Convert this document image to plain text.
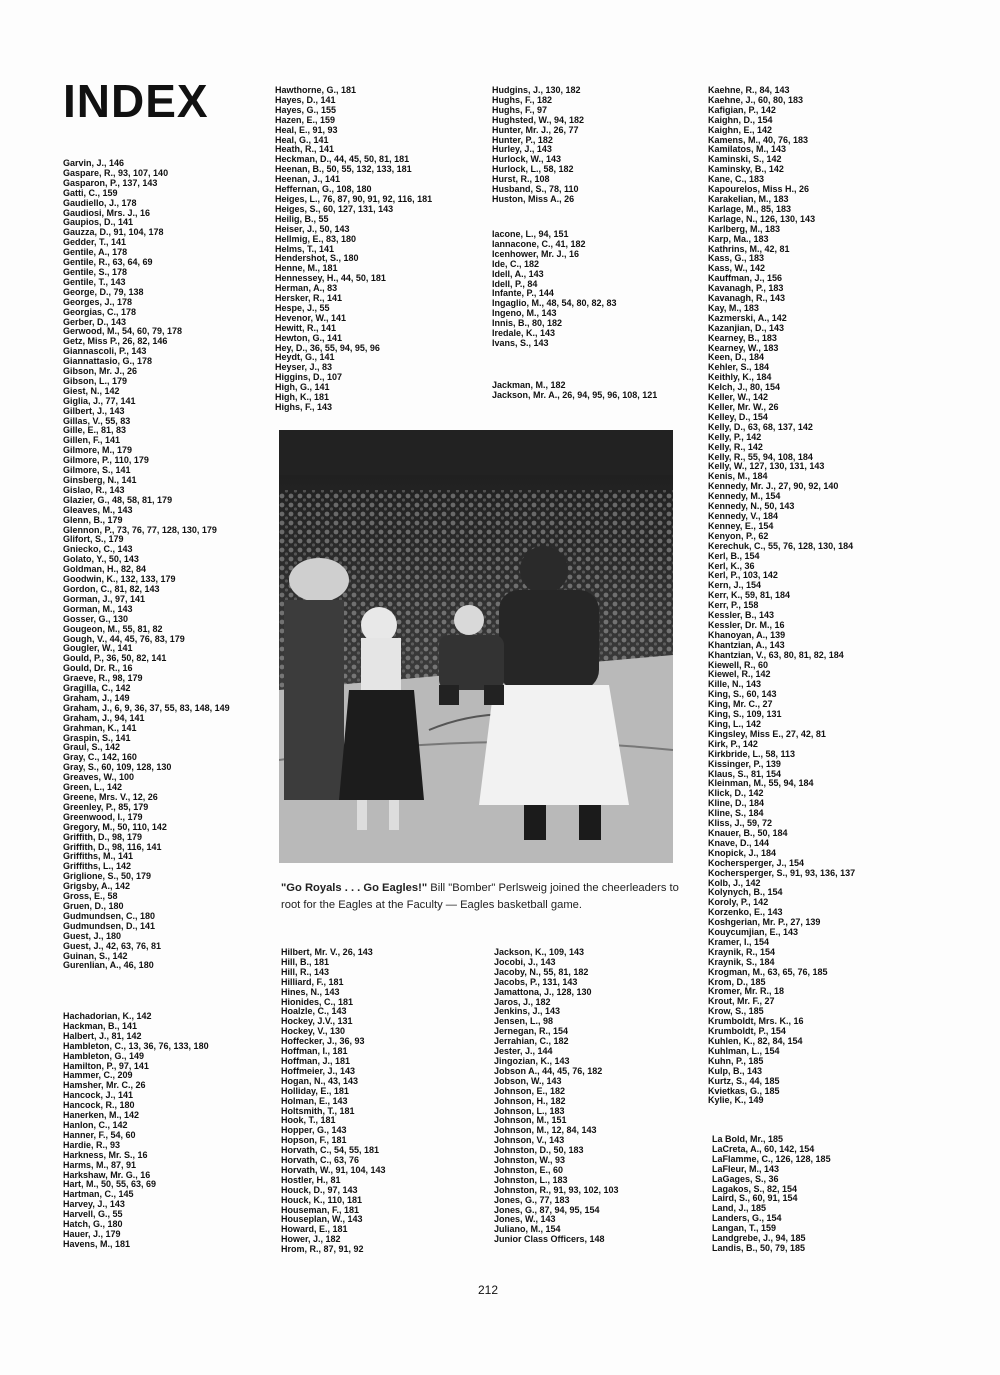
INDEX
Garvin, J., 146
Gaspare, R., 93, 107, 140
Gasparon, P., 137, 143
Gatti, C., 159
Gaudiello, J., 178
Gaudiosi, Mrs. J., 16
Gaupios, D., 141
Gauzza, D., 91, 104, 178
Gedder, T., 141
Gentile, A., 178
Gentile, R., 63, 64, 69
Gentile, S., 178
Gentile, T., 143
George, D., 79, 138
Georges, J., 178
Georgias, C., 178
Gerber, D., 143
Gerwood, M., 54, 60, 79, 178
Getz, Miss P., 26, 82, 146
Giannascoli, P., 143
Giannattasio, G., 178
Gibson, Mr. J., 26
Gibson, L., 179
Giest, N., 142
Giglia, J., 77, 141
Gilbert, J., 143
Gillas, V., 55, 83
Gille, E., 81, 83
Gillen, F., 141
Gilmore, M., 179
Gilmore, P., 110, 179
Gilmore, S., 141
Ginsberg, N., 141
Gislao, R., 143
Glazier, G., 48, 58, 81, 179
Gleaves, M., 143
Glenn, B., 179
Glennon, P., 73, 76, 77, 128, 130, 179
Glifort, S., 179
Gniecko, C., 143
Golato, Y., 50, 143
Goldman, H., 82, 84
Goodwin, K., 132, 133, 179
Gordon, C., 81, 82, 143
Gorman, J., 97, 141
Gorman, M., 143
Gosser, G., 130
Gougeon, M., 55, 81, 82
Gough, V., 44, 45, 76, 83, 179
Gougler, W., 141
Gould, P., 36, 50, 82, 141
Gould, Dr. R., 16
Graeve, R., 98, 179
Gragilla, C., 142
Graham, J., 149
Graham, J., 6, 9, 36, 37, 55, 83, 148, 149
Graham, J., 94, 141
Grahman, K., 141
Graspin, S., 141
Graul, S., 142
Gray, C., 142, 160
Gray, S., 60, 109, 128, 130
Greaves, W., 100
Green, L., 142
Greene, Mrs. V., 12, 26
Greenley, P., 85, 179
Greenwood, I., 179
Gregory, M., 50, 110, 142
Griffith, D., 98, 179
Griffith, D., 98, 116, 141
Griffiths, M., 141
Griffiths, L., 142
Griglione, S., 50, 179
Grigsby, A., 142
Gross, E., 58
Gruen, D., 180
Gudmundsen, C., 180
Gudmundsen, D., 141
Guest, J., 180
Guest, J., 42, 63, 76, 81
Guinan, S., 142
Gurenlian, A., 46, 180
Hachadorian, K., 142
Hackman, B., 141
Halbert, J., 81, 142
Hambleton, C., 13, 36, 76, 133, 180
Hambleton, G., 149
Hamilton, P., 97, 141
Hammer, C., 209
Hamsher, Mr. C., 26
Hancock, J., 141
Hancock, R., 180
Hanerken, M., 142
Hanlon, C., 142
Hanner, F., 54, 60
Hardie, R., 93
Harkness, Mr. S., 16
Harms, M., 87, 91
Harkshaw, Mr. G., 16
Hart, M., 50, 55, 63, 69
Hartman, C., 145
Harvey, J., 143
Harvell, G., 55
Hatch, G., 180
Hauer, J., 179
Havens, M., 181
Hawthorne, G., 181
Hayes, D., 141
Hayes, G., 155
Hazen, E., 159
Heal, E., 91, 93
Heal, G., 141
Heath, R., 141
Heckman, D., 44, 45, 50, 81, 181
Heenan, B., 50, 55, 132, 133, 181
Heenan, J., 141
Heffernan, G., 108, 180
Heiges, L., 76, 87, 90, 91, 92, 116, 181
Heiges, S., 60, 127, 131, 143
Heilig, B., 55
Heiser, J., 50, 143
Hellmig, E., 83, 180
Helms, T., 141
Hendershot, S., 180
Henne, M., 181
Hennessey, H., 44, 50, 181
Herman, A., 83
Hersker, R., 141
Hespe, J., 55
Hevenor, W., 141
Hewitt, R., 141
Hewton, G., 141
Hey, D., 36, 55, 94, 95, 96
Heydt, G., 141
Heyser, J., 83
Higgins, D., 107
High, G., 141
High, K., 181
Highs, F., 143
Hilbert, Mr. V., 26, 143
Hill, B., 181
Hill, R., 143
Hilliard, F., 181
Hines, N., 143
Hionides, C., 181
Hoalzle, C., 143
Hockey, J.V., 131
Hockey, V., 130
Hoffecker, J., 36, 93
Hoffman, I., 181
Hoffman, J., 181
Hoffmeier, J., 143
Hogan, N., 43, 143
Holliday, E., 181
Holman, E., 143
Holtsmith, T., 181
Hook, T., 181
Hopper, G., 143
Hopson, F., 181
Horvath, C., 54, 55, 181
Horvath, C., 63, 76
Horvath, W., 91, 104, 143
Hostler, H., 81
Houck, D., 97, 143
Houck, K., 110, 181
Houseman, F., 181
Houseplan, W., 143
Howard, E., 181
Hower, J., 182
Hrom, R., 87, 91, 92
Hudgins, J., 130, 182
Hughs, F., 182
Hughs, F., 97
Hughsted, W., 94, 182
Hunter, Mr. J., 26, 77
Hunter, P., 182
Hurley, J., 143
Hurlock, W., 143
Hurlock, L., 58, 182
Hurst, R., 108
Husband, S., 78, 110
Huston, Miss A., 26
Iacone, L., 94, 151
Iannacone, C., 41, 182
Icenhower, Mr. J., 16
Ide, C., 182
Idell, A., 143
Idell, P., 84
Infante, P., 144
Ingaglio, M., 48, 54, 80, 82, 83
Ingeno, M., 143
Innis, B., 80, 182
Iredale, K., 143
Ivans, S., 143
Jackman, M., 182
Jackson, Mr. A., 26, 94, 95, 96, 108, 121
Jackson, K., 109, 143
Jocobi, J., 143
Jacoby, N., 55, 81, 182
Jacobs, P., 131, 143
Jamattona, J., 128, 130
Jaros, J., 182
Jenkins, J., 143
Jensen, L., 98
Jernegan, R., 154
Jerrahian, C., 182
Jester, J., 144
Jingozian, K., 143
Jobson A., 44, 45, 76, 182
Jobson, W., 143
Johnson, E., 182
Johnson, H., 182
Johnson, L., 183
Johnson, M., 151
Johnson, M., 12, 84, 143
Johnson, V., 143
Johnston, D., 50, 183
Johnston, W., 93
Johnston, E., 60
Johnston, L., 183
Johnston, R., 91, 93, 102, 103
Jones, G., 77, 183
Jones, G., 87, 94, 95, 154
Jones, W., 143
Juliano, M., 154
Junior Class Officers, 148
Kaehne, R., 84, 143
Kaehne, J., 60, 80, 183
Kafigian, P., 142
Kaighn, D., 154
Kaighn, E., 142
Kamens, M., 40, 76, 183
Kamilatos, M., 143
Kaminski, S., 142
Kaminsky, B., 142
Kane, C., 183
Kapourelos, Miss H., 26
Karakelian, M., 183
Karlage, M., 85, 183
Karlage, N., 126, 130, 143
Karlberg, M., 183
Karp, Ma., 183
Kathrins, M., 42, 81
Kass, G., 183
Kass, W., 142
Kauffman, J., 156
Kavanagh, P., 183
Kavanagh, R., 143
Kay, M., 183
Kazmerski, A., 142
Kazanjian, D., 143
Kearney, B., 183
Kearney, W., 183
Keen, D., 184
Kehler, S., 184
Keithly, K., 184
Kelch, J., 80, 154
Keller, W., 142
Keller, Mr. W., 26
Kelley, D., 154
Kelly, D., 63, 68, 137, 142
Kelly, P., 142
Kelly, R., 142
Kelly, R., 55, 94, 108, 184
Kelly, W., 127, 130, 131, 143
Kenis, M., 184
Kennedy, Mr. J., 27, 90, 92, 140
Kennedy, M., 154
Kennedy, N., 50, 143
Kennedy, V., 184
Kenney, E., 154
Kenyon, P., 62
Kerechuk, C., 55, 76, 128, 130, 184
Kerl, B., 154
Kerl, K., 36
Kerl, P., 103, 142
Kern, J., 154
Kerr, K., 59, 81, 184
Kerr, P., 158
Kessler, B., 143
Kessler, Dr. M., 16
Khanoyan, A., 139
Khantzian, A., 143
Khantzian, V., 63, 80, 81, 82, 184
Kiewell, R., 60
Kiewel, R., 142
Kille, N., 143
King, S., 60, 143
King, Mr. C., 27
King, S., 109, 131
King, L., 142
Kingsley, Miss E., 27, 42, 81
Kirk, P., 142
Kirkbride, L., 58, 113
Kissinger, P., 139
Klaus, S., 81, 154
Kleinman, M., 55, 94, 184
Klick, D., 142
Kline, D., 184
Kline, S., 184
Kliss, J., 59, 72
Knauer, B., 50, 184
Knave, D., 144
Knopick, J., 184
Kochersperger, J., 154
Kochersperger, S., 91, 93, 136, 137
Kolb, J., 142
Kolynych, B., 154
Koroly, P., 142
Korzenko, E., 143
Koshgerian, Mr. P., 27, 139
Kouycumjian, E., 143
Kramer, I., 154
Kraynik, R., 154
Kraynik, S., 184
Krogman, M., 63, 65, 76, 185
Krom, D., 185
Kromer, Mr. R., 18
Krout, Mr. F., 27
Krow, S., 185
Krumboldt, Mrs. K., 16
Krumboldt, P., 154
Kuhlen, K., 82, 84, 154
Kuhlman, L., 154
Kuhn, P., 185
Kulp, B., 143
Kurtz, S., 44, 185
Kvietkas, G., 185
Kylie, K., 149
La Bold, Mr., 185
LaCreta, A., 60, 142, 154
LaFlamme, C., 126, 128, 185
LaFleur, M., 143
LaGages, S., 36
Lagakos, S., 82, 154
Laird, S., 60, 91, 154
Land, J., 185
Landers, G., 154
Langan, T., 159
Landgrebe, J., 94, 185
Landis, B., 50, 79, 185
"Go Royals . . . Go Eagles!" Bill "Bomber" Perlsweig joined the cheerleaders to root for the Eagles at the Faculty — Eagles basketball game.
212
